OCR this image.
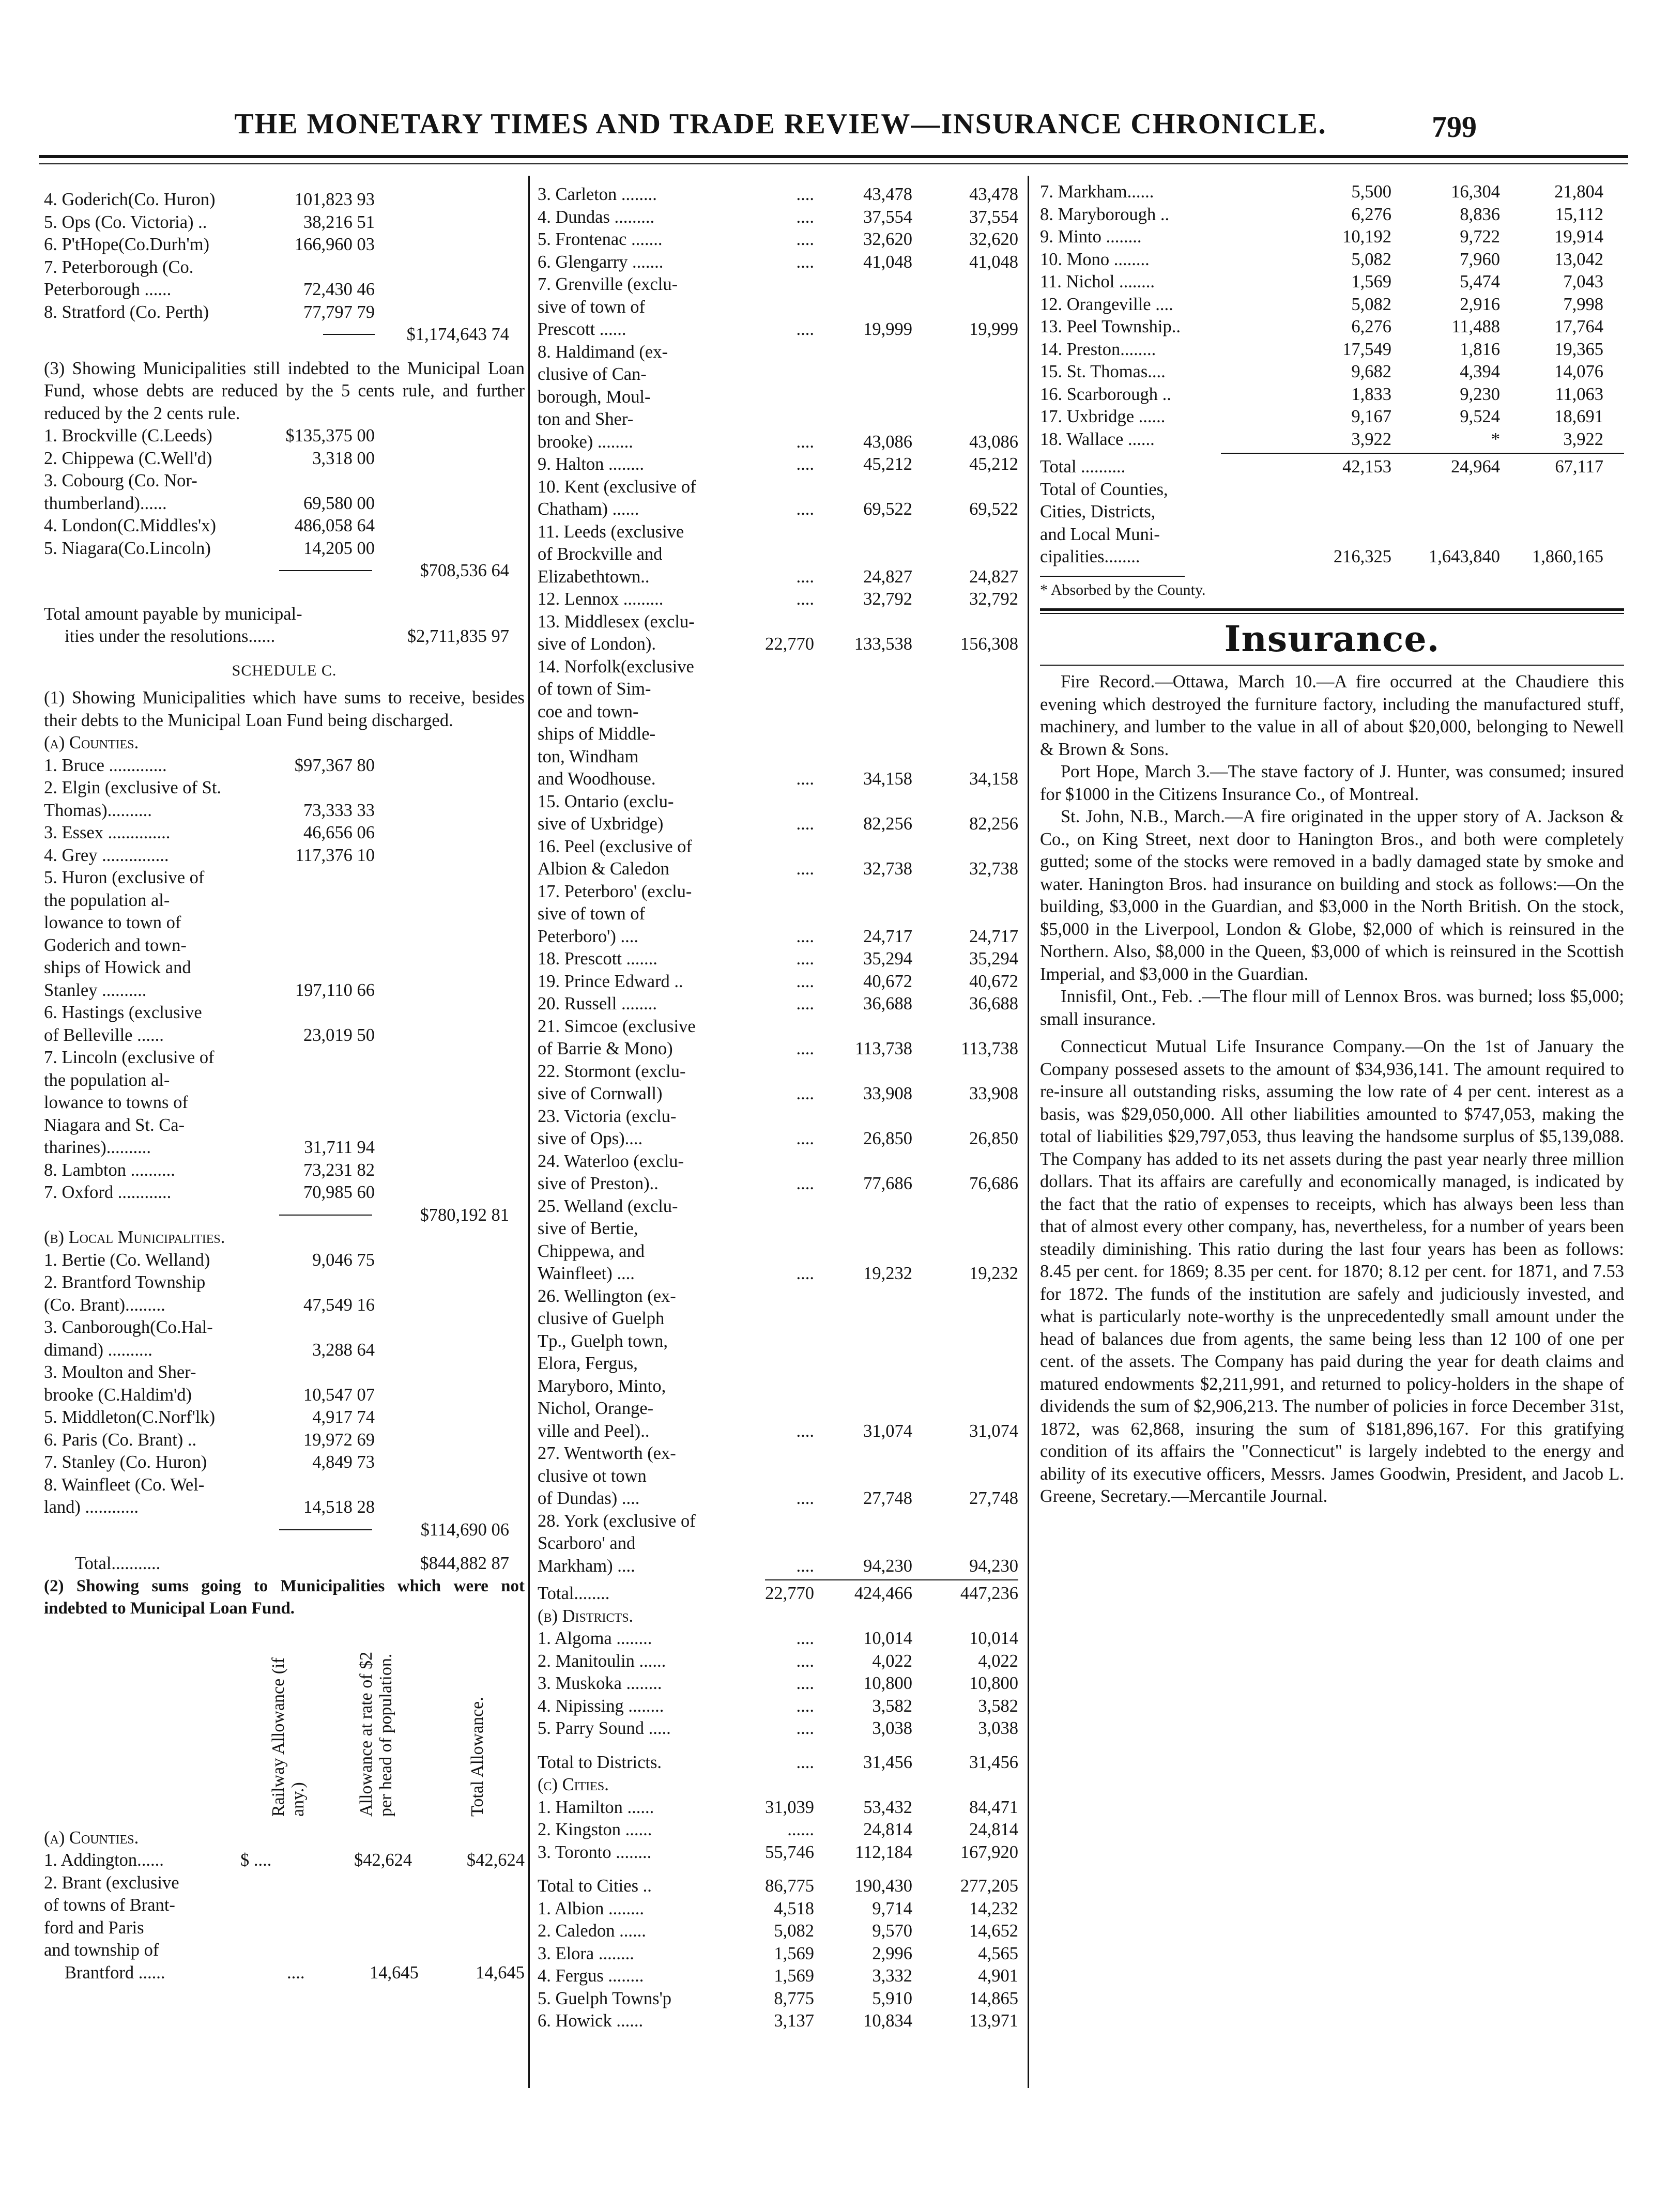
THE MONETARY TIMES AND TRADE REVIEW—INSURANCE CHRONICLE.	799
4. Goderich(Co. Huron)	101,823 93
5. Ops (Co. Victoria) ..	38,216 51
6. P'tHope(Co.Durh'm)	166,960 03
7. Peterborough (Co.
Peterborough ......	72,430 46
8. Stratford (Co. Perth)	77,797 79
$1,174,643 74
(3) Showing Municipalities still indebted to the Municipal Loan Fund, whose debts are reduced by the 5 cents rule, and further reduced by the 2 cents rule.
1. Brockville (C.Leeds)	$135,375 00
2. Chippewa (C.Well'd)	3,318 00
3. Cobourg (Co. Nor-
thumberland)......	69,580 00
4. London(C.Middles'x)	486,058 64
5. Niagara(Co.Lincoln)	14,205 00
$708,536 64
Total amount payable by municipal-
ities under the resolutions......	$2,711,835 97
SCHEDULE C.
(1) Showing Municipalities which have sums to receive, besides their debts to the Municipal Loan Fund being discharged.
(a) Counties.
1. Bruce .............	$97,367 80
2. Elgin (exclusive of St.
Thomas)..........	73,333 33
3. Essex ..............	46,656 06
4. Grey ...............	117,376 10
5. Huron (exclusive of
the population al-
lowance to town of
Goderich and town-
ships of Howick and
Stanley ..........	197,110 66
6. Hastings (exclusive
of Belleville ......	23,019 50
7. Lincoln (exclusive of
the population al-
lowance to towns of
Niagara and St. Ca-
tharines)..........	31,711 94
8. Lambton ..........	73,231 82
7. Oxford ............	70,985 60
$780,192 81
(b) Local Municipalities.
1. Bertie (Co. Welland)	9,046 75
2. Brantford Township
(Co. Brant).........	47,549 16
3. Canborough(Co.Hal-
dimand) ..........	3,288 64
3. Moulton and Sher-
brooke (C.Haldim'd)	10,547 07
5. Middleton(C.Norf'lk)	4,917 74
6. Paris (Co. Brant) ..	19,972 69
7. Stanley (Co. Huron)	4,849 73
8. Wainfleet (Co. Wel-
land) ............	14,518 28
$114,690 06
Total...........	$844,882 87
(2) Showing sums going to Municipalities which were not indebted to Municipal Loan Fund.
Railway Allowance (if any.)	Allowance at rate of $2 per head of population.	Total Allowance.
(a) Counties.
1. Addington......	$ ....	$42,624	$42,624
2. Brant (exclusive
of towns of Brant-
ford and Paris
and township of
Brantford ......	....	14,645	14,645
3. Carleton ........	....	43,478	43,478
4. Dundas .........	....	37,554	37,554
5. Frontenac .......	....	32,620	32,620
6. Glengarry .......	....	41,048	41,048
7. Grenville (exclu-
sive of town of
Prescott ......	....	19,999	19,999
8. Haldimand (ex-
clusive of Can-
borough, Moul-
ton and Sher-
brooke) ........	....	43,086	43,086
9. Halton ........	....	45,212	45,212
10. Kent (exclusive of
Chatham) ......	....	69,522	69,522
11. Leeds (exclusive
of Brockville and
Elizabethtown..	....	24,827	24,827
12. Lennox .........	....	32,792	32,792
13. Middlesex (exclu-
sive of London).	22,770 133,538	156,308
14. Norfolk(exclusive
of town of Sim-
coe and town-
ships of Middle-
ton, Windham
and Woodhouse.	....	34,158	34,158
15. Ontario (exclu-
sive of Uxbridge)	....	82,256	82,256
16. Peel (exclusive of
Albion & Caledon	....	32,738	32,738
17. Peterboro' (exclu-
sive of town of
Peterboro') ....	....	24,717	24,717
18. Prescott .......	....	35,294	35,294
19. Prince Edward ..	....	40,672	40,672
20. Russell ........	....	36,688	36,688
21. Simcoe (exclusive
of Barrie & Mono)	.... 113,738	113,738
22. Stormont (exclu-
sive of Cornwall)	....	33,908	33,908
23. Victoria (exclu-
sive of Ops)....	....	26,850	26,850
24. Waterloo (exclu-
sive of Preston)..	....	77,686	76,686
25. Welland (exclu-
sive of Bertie,
Chippewa, and
Wainfleet) ....	....	19,232	19,232
26. Wellington (ex-
clusive of Guelph
Tp., Guelph town,
Elora, Fergus,
Maryboro, Minto,
Nichol, Orange-
ville and Peel)..	....	31,074	31,074
27. Wentworth (ex-
clusive ot town
of Dundas) ....	....	27,748	27,748
28. York (exclusive of
Scarboro' and
Markham) ....	....	94,230	94,230
Total........	22,770 424,466	447,236
(b) Districts.
1. Algoma ........	....	10,014	10,014
2. Manitoulin ......	....	4,022	4,022
3. Muskoka ........	....	10,800	10,800
4. Nipissing ........	....	3,582	3,582
5. Parry Sound .....	....	3,038	3,038
Total to Districts.	....	31,456	31,456
(c) Cities.
1. Hamilton ......	31,039	53,432	84,471
2. Kingston ......	......	24,814	24,814
3. Toronto ........	55,746 112,184	167,920
Total to Cities ..	86,775 190,430	277,205
1. Albion ........	4,518	9,714	14,232
2. Caledon ......	5,082	9,570	14,652
3. Elora ........	1,569	2,996	4,565
4. Fergus ........	1,569	3,332	4,901
5. Guelph Towns'p	8,775	5,910	14,865
6. Howick ......	3,137	10,834	13,971
7. Markham......	5,500	16,304	21,804
8. Maryborough ..	6,276	8,836	15,112
9. Minto ........	10,192	9,722	19,914
10. Mono ........	5,082	7,960	13,042
11. Nichol ........	1,569	5,474	7,043
12. Orangeville ....	5,082	2,916	7,998
13. Peel Township..	6,276	11,488	17,764
14. Preston........	17,549	1,816	19,365
15. St. Thomas....	9,682	4,394	14,076
16. Scarborough ..	1,833	9,230	11,063
17. Uxbridge ......	9,167	9,524	18,691
18. Wallace ......	3,922	*	3,922
Total ..........	42,153	24,964	67,117
Total of Counties,
Cities, Districts,
and Local Muni-
cipalities........	216,325 1,643,840 1,860,165
* Absorbed by the County.
Insurance.
Fire Record.—Ottawa, March 10.—A fire occurred at the Chaudiere this evening which destroyed the furniture factory, including the manufactured stuff, machinery, and lumber to the value in all of about $20,000, belonging to Newell & Brown & Sons.
Port Hope, March 3.—The stave factory of J. Hunter, was consumed; insured for $1000 in the Citizens Insurance Co., of Montreal.
St. John, N.B., March.—A fire originated in the upper story of A. Jackson & Co., on King Street, next door to Hanington Bros., and both were completely gutted; some of the stocks were removed in a badly damaged state by smoke and water. Hanington Bros. had insurance on building and stock as follows:—On the building, $3,000 in the Guardian, and $3,000 in the North British. On the stock, $5,000 in the Liverpool, London & Globe, $2,000 of which is reinsured in the Northern. Also, $8,000 in the Queen, $3,000 of which is reinsured in the Scottish Imperial, and $3,000 in the Guardian.
Innisfil, Ont., Feb. .—The flour mill of Lennox Bros. was burned; loss $5,000; small insurance.
Connecticut Mutual Life Insurance Company.—On the 1st of January the Company possesed assets to the amount of $34,936,141. The amount required to re-insure all outstanding risks, assuming the low rate of 4 per cent. interest as a basis, was $29,050,000. All other liabilities amounted to $747,053, making the total of liabilities $29,797,053, thus leaving the handsome surplus of $5,139,088. The Company has added to its net assets during the past year nearly three million dollars. That its affairs are carefully and economically managed, is indicated by the fact that the ratio of expenses to receipts, which has always been less than that of almost every other company, has, nevertheless, for a number of years been steadily diminishing. This ratio during the last four years has been as follows: 8.45 per cent. for 1869; 8.35 per cent. for 1870; 8.12 per cent. for 1871, and 7.53 for 1872. The funds of the institution are safely and judiciously invested, and what is particularly note-worthy is the unprecedentedly small amount under the head of balances due from agents, the same being less than 12 100 of one per cent. of the assets. The Company has paid during the year for death claims and matured endowments $2,211,991, and returned to policy-holders in the shape of dividends the sum of $2,906,213. The number of policies in force December 31st, 1872, was 62,868, insuring the sum of $181,896,167. For this gratifying condition of its affairs the "Connecticut" is largely indebted to the energy and ability of its executive officers, Messrs. James Goodwin, President, and Jacob L. Greene, Secretary.—Mercantile Journal.
